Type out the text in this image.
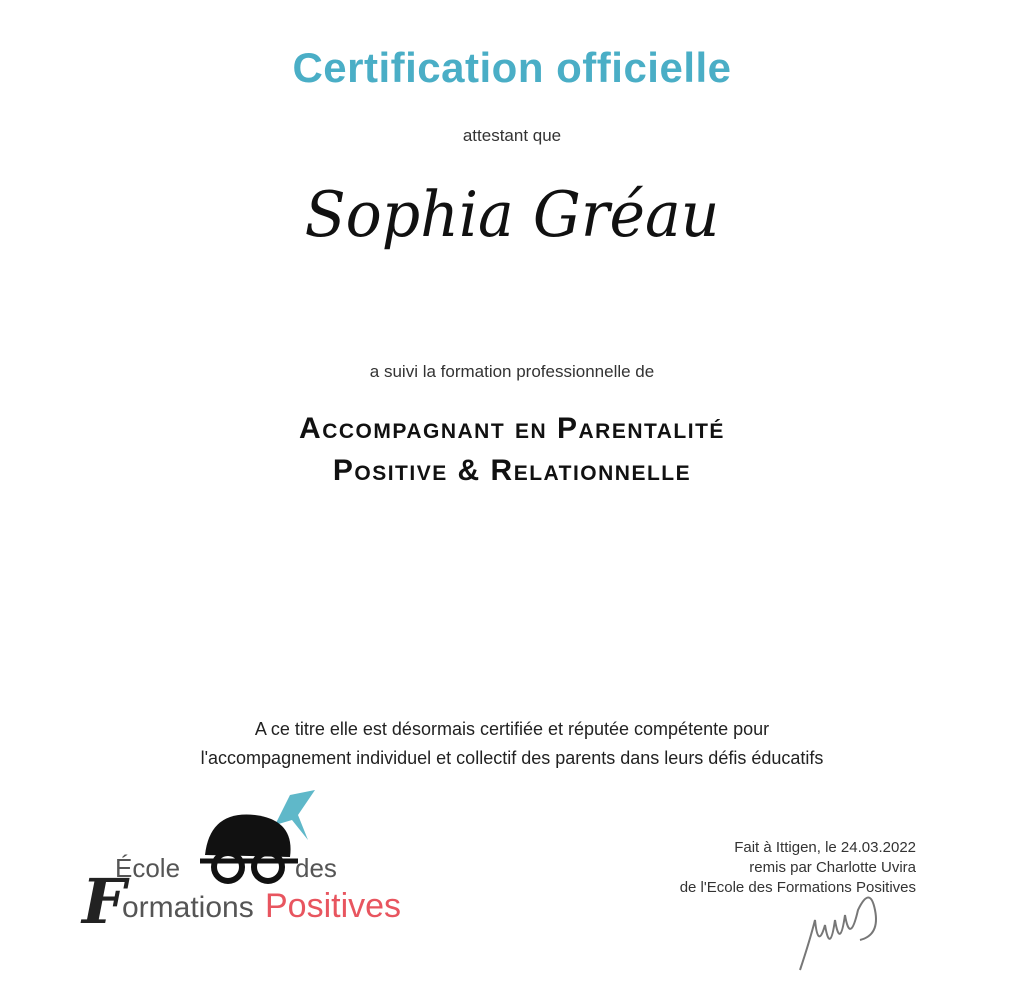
Certification officielle
attestant que
Sophia Gréau
a suivi la formation professionnelle de
Accompagnant en Parentalité
Positive & Relationnelle
A ce titre elle est désormais certifiée et réputée compétente pour
l'accompagnement individuel et collectif des parents dans leurs défis éducatifs
École	des
F
ormations Positives
Fait à Ittigen, le 24.03.2022
remis par Charlotte Uvira
de l'Ecole des Formations Positives
